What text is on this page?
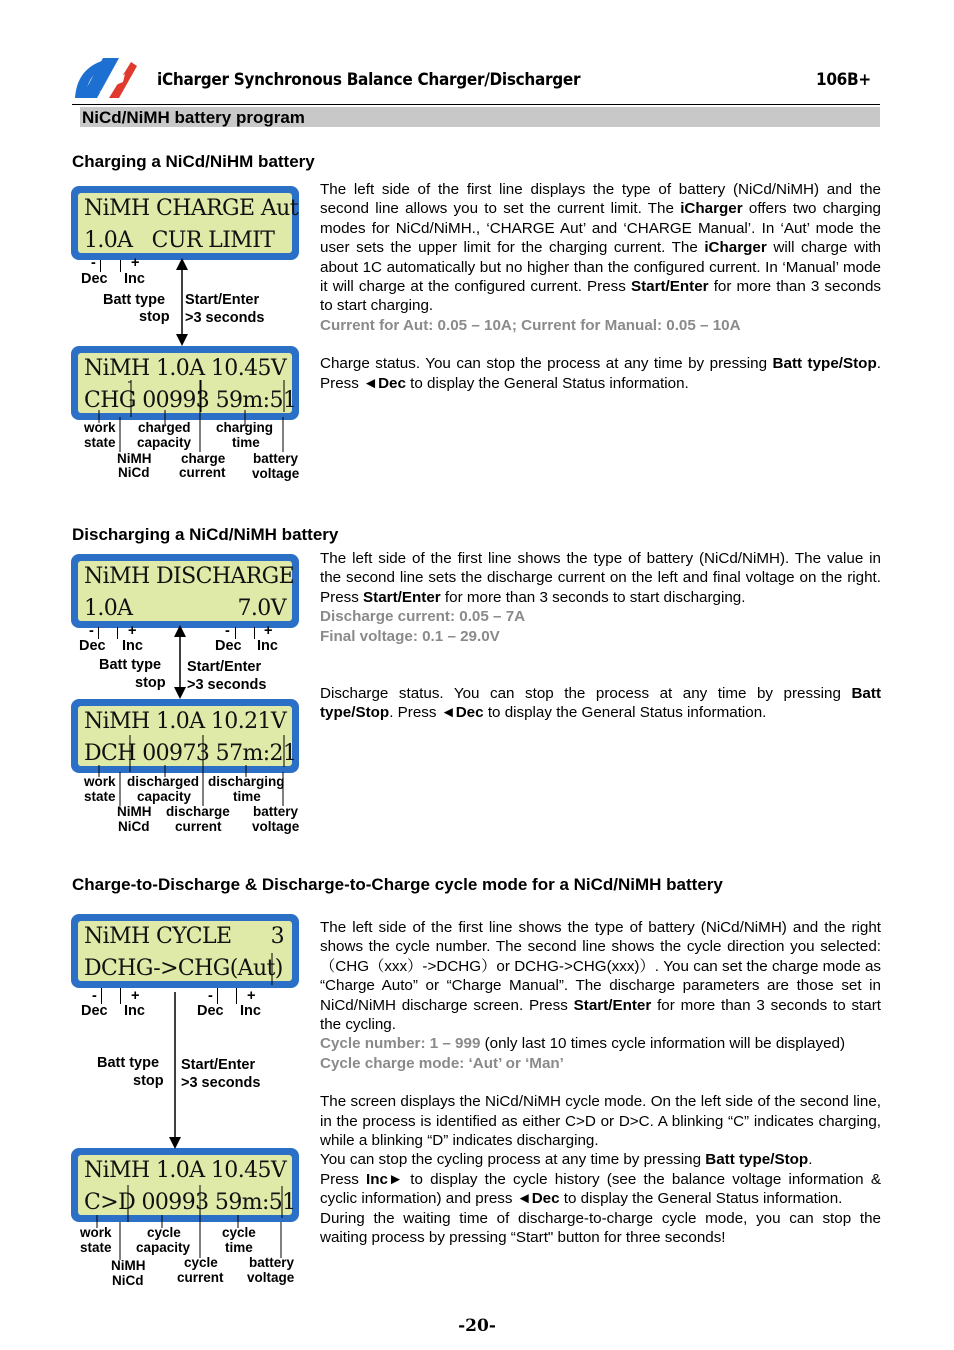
iCharger Synchronous Balance Charger/Discharger	106B+
NiCd/NiMH battery program
Charging a NiCd/NiHM battery
NiMH CHARGE Aut
1.0A   CUR LIMIT
- +
Dec Inc
Batt type
stop
Start/Enter
>3 seconds
NiMH 1.0A 10.45V
CHG 00993 59m:51
work
state
charged
capacity
charging
time
NiMH
NiCd
charge
current
battery
voltage

The left side of the first line displays the type of battery (NiCd/NiMH) and the second line allows you to set the current limit. The iCharger offers two charging modes for NiCd/NiMH., ‘CHARGE Aut’ and ‘CHARGE Manual’. In ‘Aut’ mode the user sets the upper limit for the charging current. The iCharger will charge with about 1C automatically but no higher than the configured current. In ‘Manual’ mode it will charge at the configured current. Press Start/Enter for more than 3 seconds to start charging.

Current for Aut: 0.05 – 10A; Current for Manual: 0.05 – 10A

Charge status. You can stop the process at any time by pressing Batt type/Stop. Press ◄Dec to display the General Status information.

Discharging a NiCd/NiMH battery
NiMH DISCHARGE
1.0A	7.0V
- +	- +
Dec Inc	Dec Inc
Batt type
stop
Start/Enter
>3 seconds
NiMH 1.0A 10.21V
DCH 00973 57m:21
work
state
discharged
capacity
discharging
time
NiMH
NiCd
discharge
current
battery
voltage

The left side of the first line shows the type of battery (NiCd/NiMH). The value in the second line sets the discharge current on the left and final voltage on the right. Press Start/Enter for more than 3 seconds to start discharging.

Discharge current: 0.05 – 7A

Final voltage: 0.1 – 29.0V

Discharge status. You can stop the process at any time by pressing Batt type/Stop. Press ◄Dec to display the General Status information.

Charge-to-Discharge & Discharge-to-Charge cycle mode for a NiCd/NiMH battery
NiMH CYCLE 3
DCHG->CHG(Aut)
- +	- +
Dec Inc	Dec Inc
Batt type
stop
Start/Enter
>3 seconds
NiMH 1.0A 10.45V
C>D 00993 59m:51
work
state
cycle
capacity
cycle
time
NiMH
NiCd
cycle
current
battery
voltage

The left side of the first line shows the type of battery (NiCd/NiMH) and the right shows the cycle number. The second line shows the cycle direction you selected: （CHG（xxx）->DCHG）or DCHG->CHG(xxx)）. You can set the charge mode as “Charge Auto” or “Charge Manual”. The discharge parameters are those set in NiCd/NiMH discharge screen. Press Start/Enter for more than 3 seconds to start the cycling.

Cycle number: 1 – 999 (only last 10 times cycle information will be displayed)

Cycle charge mode: ‘Aut’ or ‘Man’

The screen displays the NiCd/NiMH cycle mode. On the left side of the second line, in the process is identified as either C>D or D>C. A blinking “C” indicates charging, while a blinking “D” indicates discharging.

You can stop the cycling process at any time by pressing Batt type/Stop.

Press Inc► to display the cycle history (see the balance voltage information & cyclic information) and press ◄Dec to display the General Status information.

During the waiting time of discharge-to-charge cycle mode, you can stop the waiting process by pressing “Start" button for three seconds!

-20-
